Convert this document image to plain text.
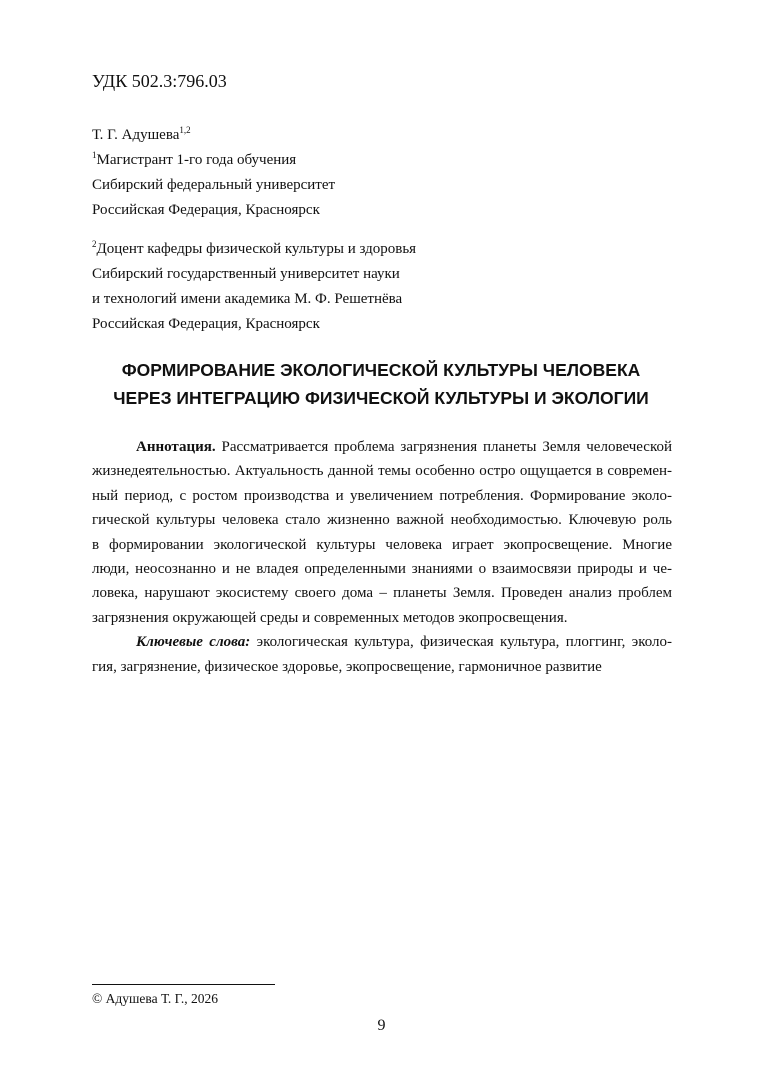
УДК 502.3:796.03
Т. Г. Адушева$^{1,2}$
$^1$Магистрант 1-го года обучения
Сибирский федеральный университет
Российская Федерация, Красноярск
$^2$Доцент кафедры физической культуры и здоровья
Сибирский государственный университет науки
и технологий имени академика М. Ф. Решетнёва
Российская Федерация, Красноярск
ФОРМИРОВАНИЕ ЭКОЛОГИЧЕСКОЙ КУЛЬТУРЫ ЧЕЛОВЕКА
ЧЕРЕЗ ИНТЕГРАЦИЮ ФИЗИЧЕСКОЙ КУЛЬТУРЫ И ЭКОЛОГИИ
Аннотация. Рассматривается проблема загрязнения планеты Земля человеческой
жизнедеятельностью. Актуальность данной темы особенно остро ощущается в современ-
ный период, с ростом производства и увеличением потребления. Формирование эколо-
гической культуры человека стало жизненно важной необходимостью. Ключевую роль
в формировании экологической культуры человека играет экопросвещение. Многие
люди, неосознанно и не владея определенными знаниями о взаимосвязи природы и че-
ловека, нарушают экосистему своего дома – планеты Земля. Проведен анализ проблем
загрязнения окружающей среды и современных методов экопросвещения.
Ключевые слова: экологическая культура, физическая культура, плоггинг, эколо-
гия, загрязнение, физическое здоровье, экопросвещение, гармоничное развитие
© Адушева Т. Г., 2026
9
